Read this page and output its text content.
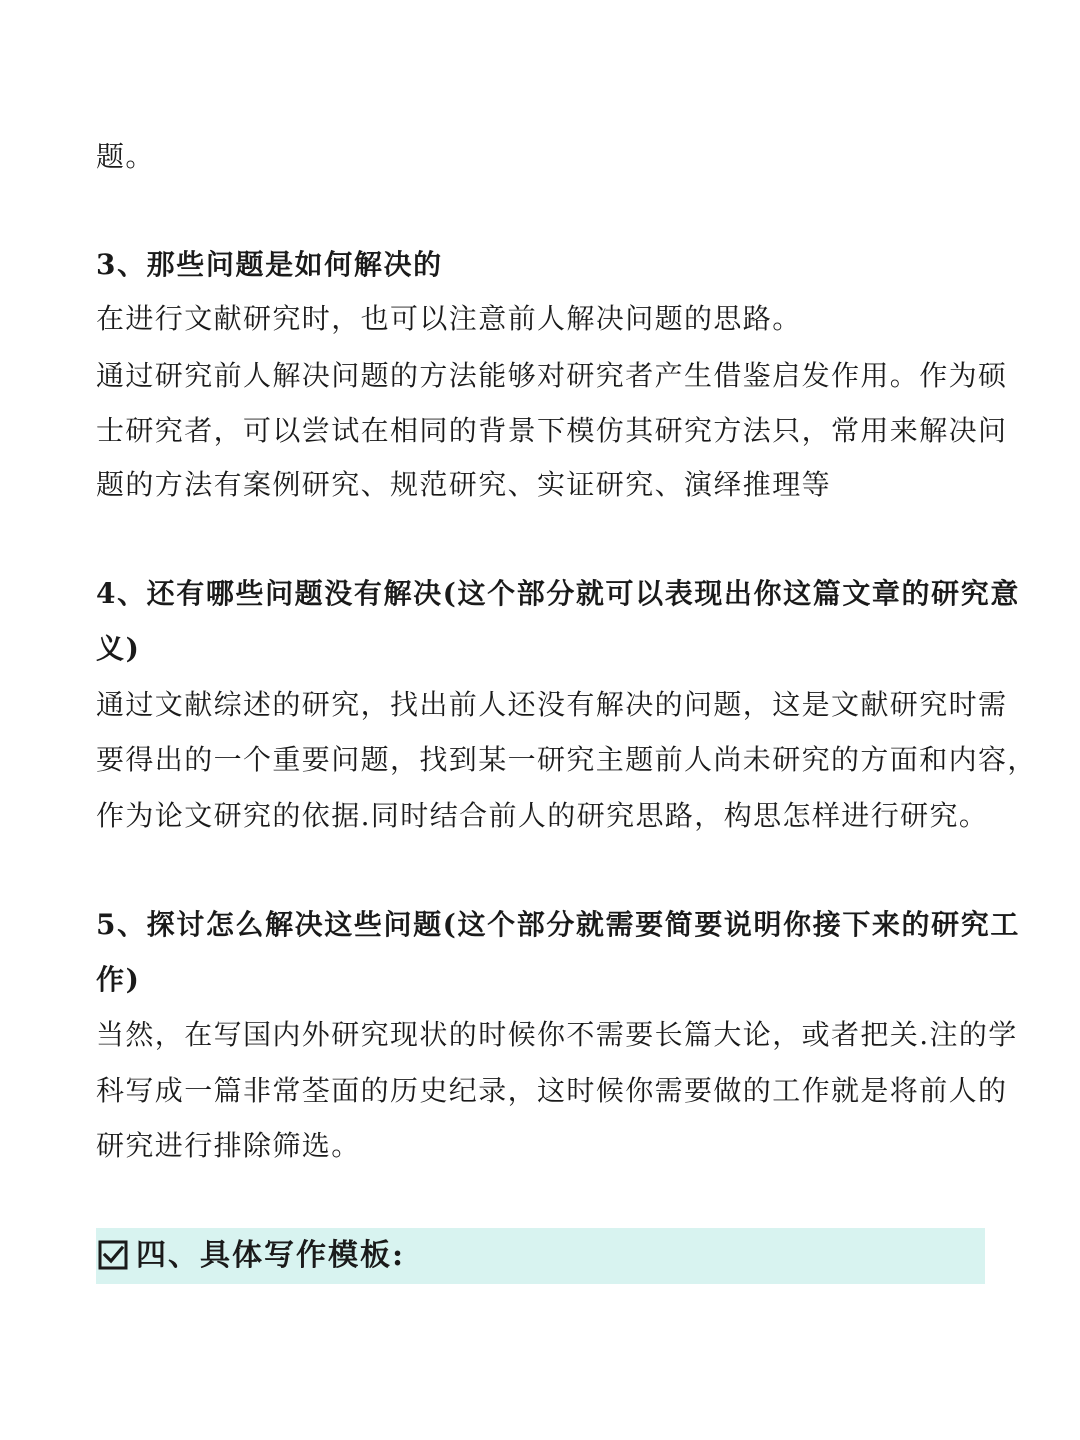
题。
3、那些问题是如何解决的
在进行文献研究时，也可以注意前人解决问题的思路。
通过研究前人解决问题的方法能够对研究者产生借鉴启发作用。作为硕
士研究者，可以尝试在相同的背景下模仿其研究方法只，常用来解决问
题的方法有案例研究、规范研究、实证研究、演绎推理等
4、还有哪些问题没有解决(这个部分就可以表现出你这篇文章的研究意
义)
通过文献综述的研究，找出前人还没有解决的问题，这是文献研究时需
要得出的一个重要问题，找到某一研究主题前人尚未研究的方面和内容，
作为论文研究的依据.同时结合前人的研究思路，构思怎样进行研究。
5、探讨怎么解决这些问题(这个部分就需要简要说明你接下来的研究工
作)
当然，在写国内外研究现状的时候你不需要长篇大论，或者把关.注的学
科写成一篇非常荃面的历史纪录，这时候你需要做的工作就是将前人的
研究进行排除筛选。
四、具体写作模板:
